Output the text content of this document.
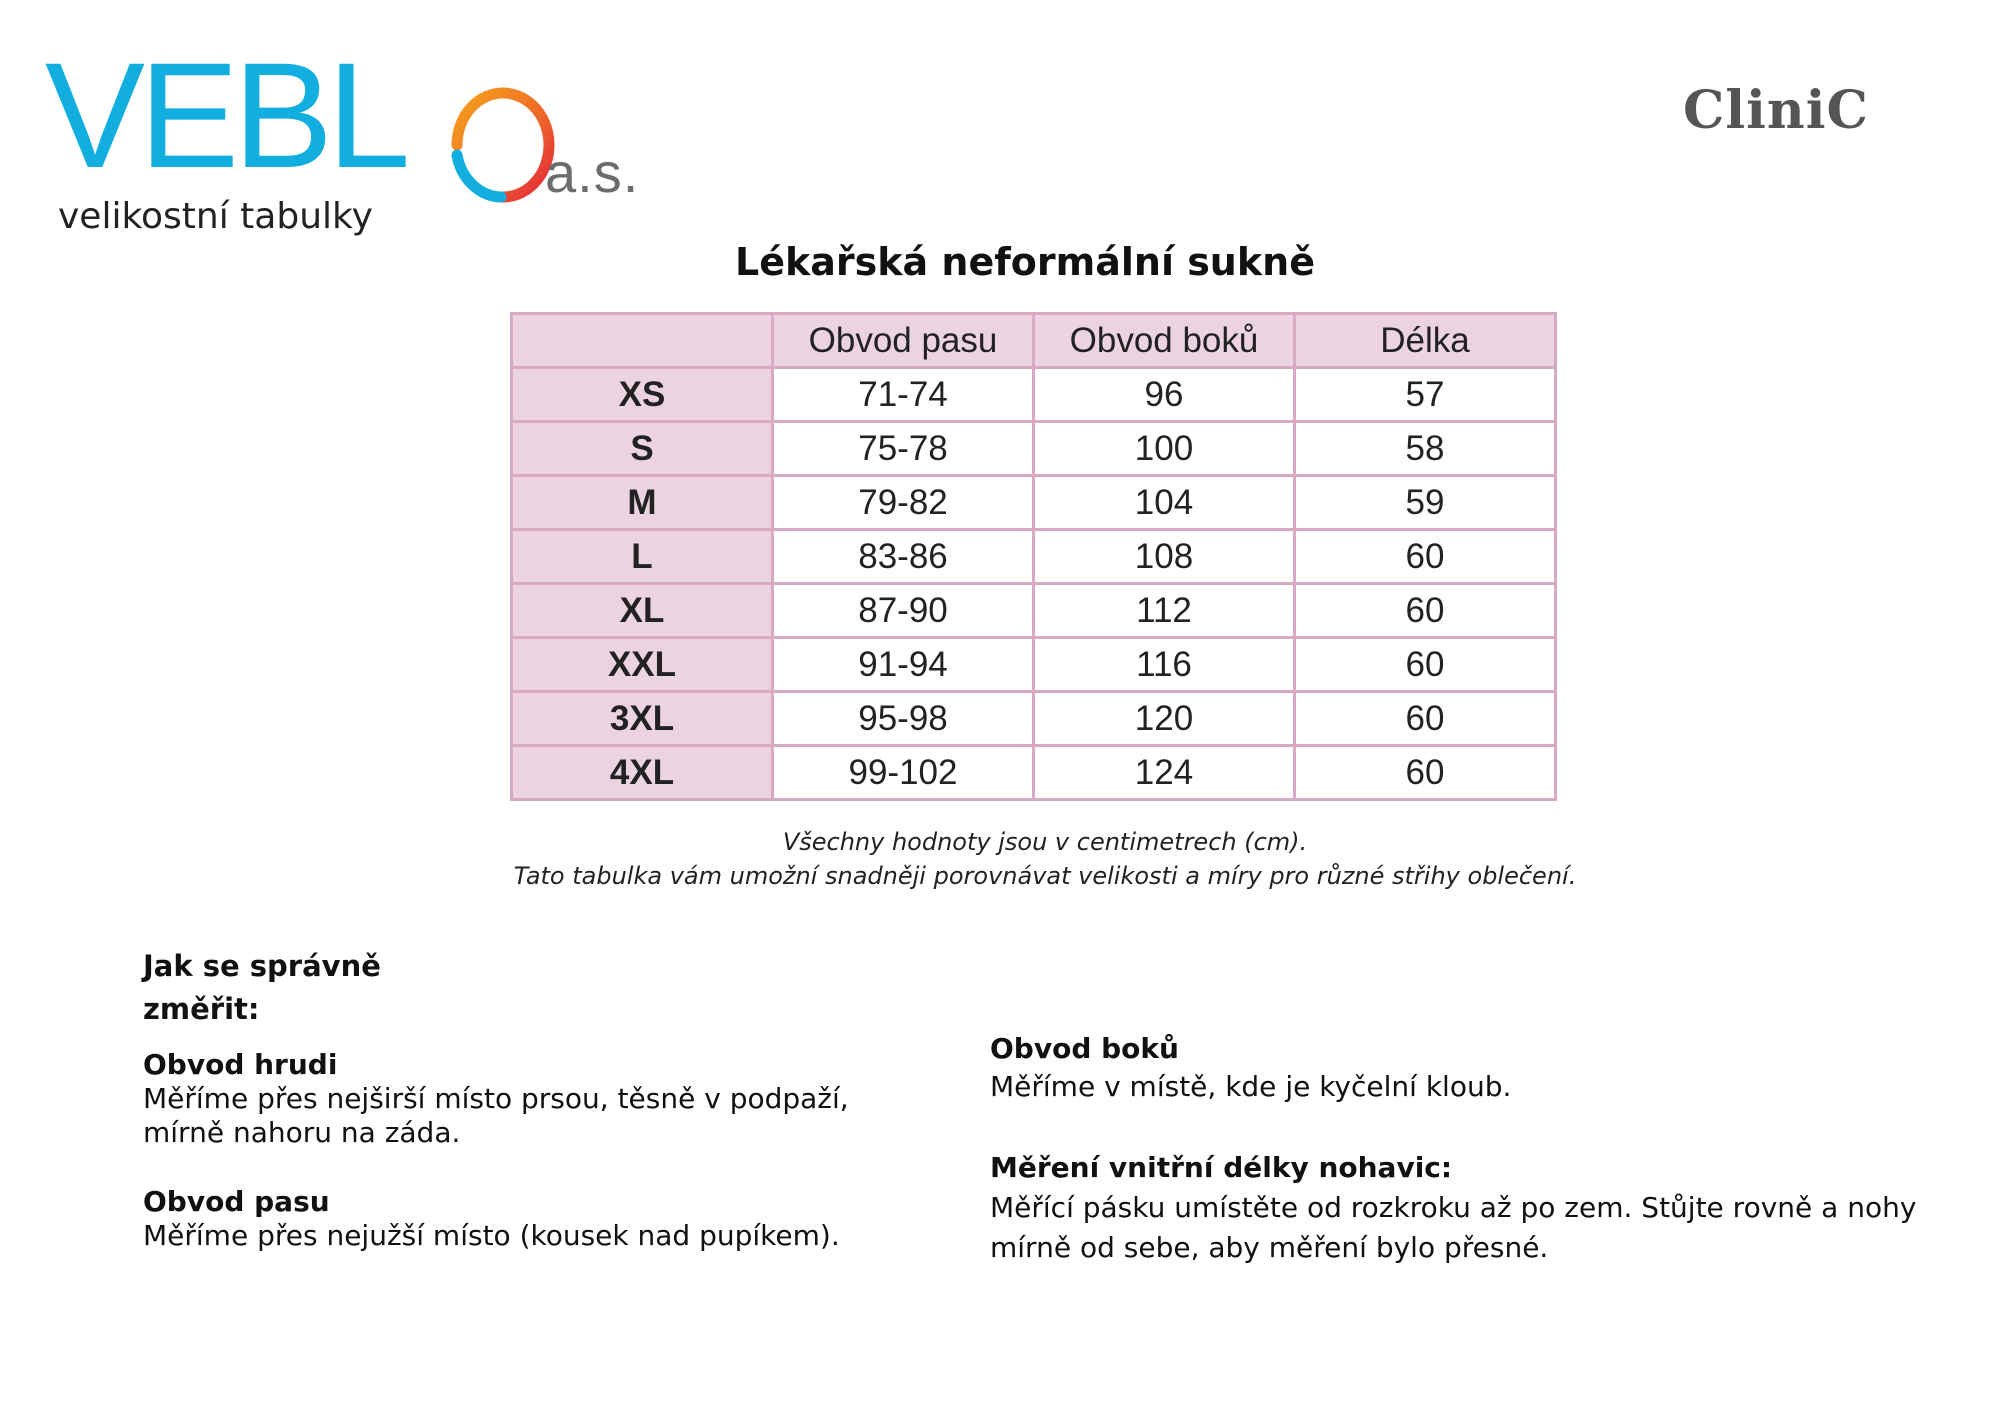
VEBL	a.s.
velikostní tabulky
CliniC
Lékařská neformální sukně
	Obvod pasu	Obvod boků	Délka
XS	71-74	96	57
S	75-78	100	58
M	79-82	104	59
L	83-86	108	60
XL	87-90	112	60
XXL	91-94	116	60
3XL	95-98	120	60
4XL	99-102	124	60
Všechny hodnoty jsou v centimetrech (cm).
Tato tabulka vám umožní snadněji porovnávat velikosti a míry pro různé střihy oblečení.
Jak se správně změřit:
Obvod hrudi
Měříme přes nejširší místo prsou, těsně v podpaží, mírně nahoru na záda.
Obvod pasu
Měříme přes nejužší místo (kousek nad pupíkem).
Obvod boků
Měříme v místě, kde je kyčelní kloub.
Měření vnitřní délky nohavic:
Měřící pásku umístěte od rozkroku až po zem. Stůjte rovně a nohy mírně od sebe, aby měření bylo přesné.
